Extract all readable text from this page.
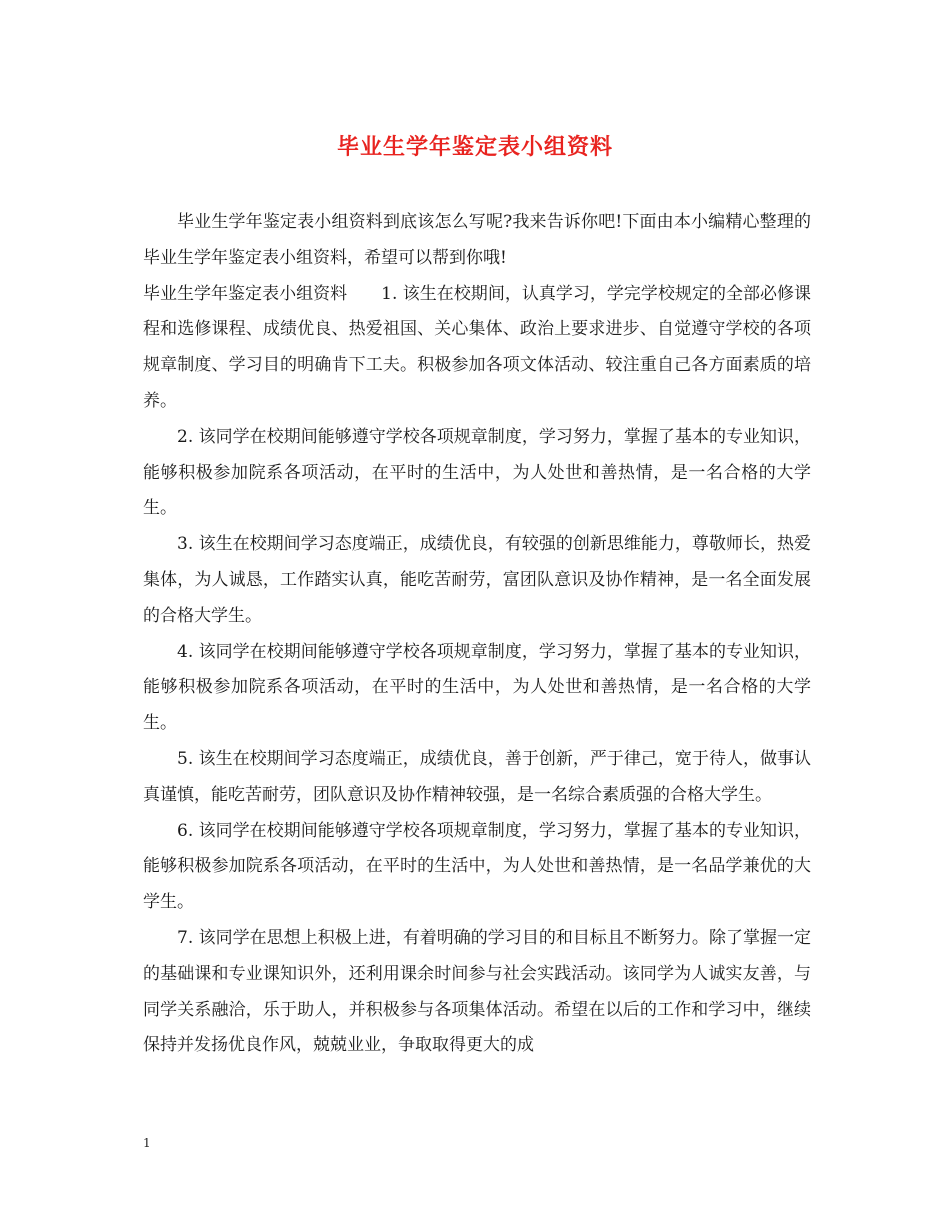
毕业生学年鉴定表小组资料

毕业生学年鉴定表小组资料到底该怎么写呢?我来告诉你吧!下面由本小编精心整理的毕业生学年鉴定表小组资料，希望可以帮到你哦!

毕业生学年鉴定表小组资料　　1. 该生在校期间，认真学习，学完学校规定的全部必修课程和选修课程、成绩优良、热爱祖国、关心集体、政治上要求进步、自觉遵守学校的各项规章制度、学习目的明确肯下工夫。积极参加各项文体活动、较注重自己各方面素质的培养。

2. 该同学在校期间能够遵守学校各项规章制度，学习努力，掌握了基本的专业知识，能够积极参加院系各项活动，在平时的生活中，为人处世和善热情，是一名合格的大学生。

3. 该生在校期间学习态度端正，成绩优良，有较强的创新思维能力，尊敬师长，热爱集体，为人诚恳，工作踏实认真，能吃苦耐劳，富团队意识及协作精神，是一名全面发展的合格大学生。

4. 该同学在校期间能够遵守学校各项规章制度，学习努力，掌握了基本的专业知识，能够积极参加院系各项活动，在平时的生活中，为人处世和善热情，是一名合格的大学生。

5. 该生在校期间学习态度端正，成绩优良，善于创新，严于律己，宽于待人，做事认真谨慎，能吃苦耐劳，团队意识及协作精神较强，是一名综合素质强的合格大学生。

6. 该同学在校期间能够遵守学校各项规章制度，学习努力，掌握了基本的专业知识，能够积极参加院系各项活动，在平时的生活中，为人处世和善热情，是一名品学兼优的大学生。

7. 该同学在思想上积极上进，有着明确的学习目的和目标且不断努力。除了掌握一定的基础课和专业课知识外，还利用课余时间参与社会实践活动。该同学为人诚实友善，与同学关系融洽，乐于助人，并积极参与各项集体活动。希望在以后的工作和学习中，继续保持并发扬优良作风，兢兢业业，争取取得更大的成

1
